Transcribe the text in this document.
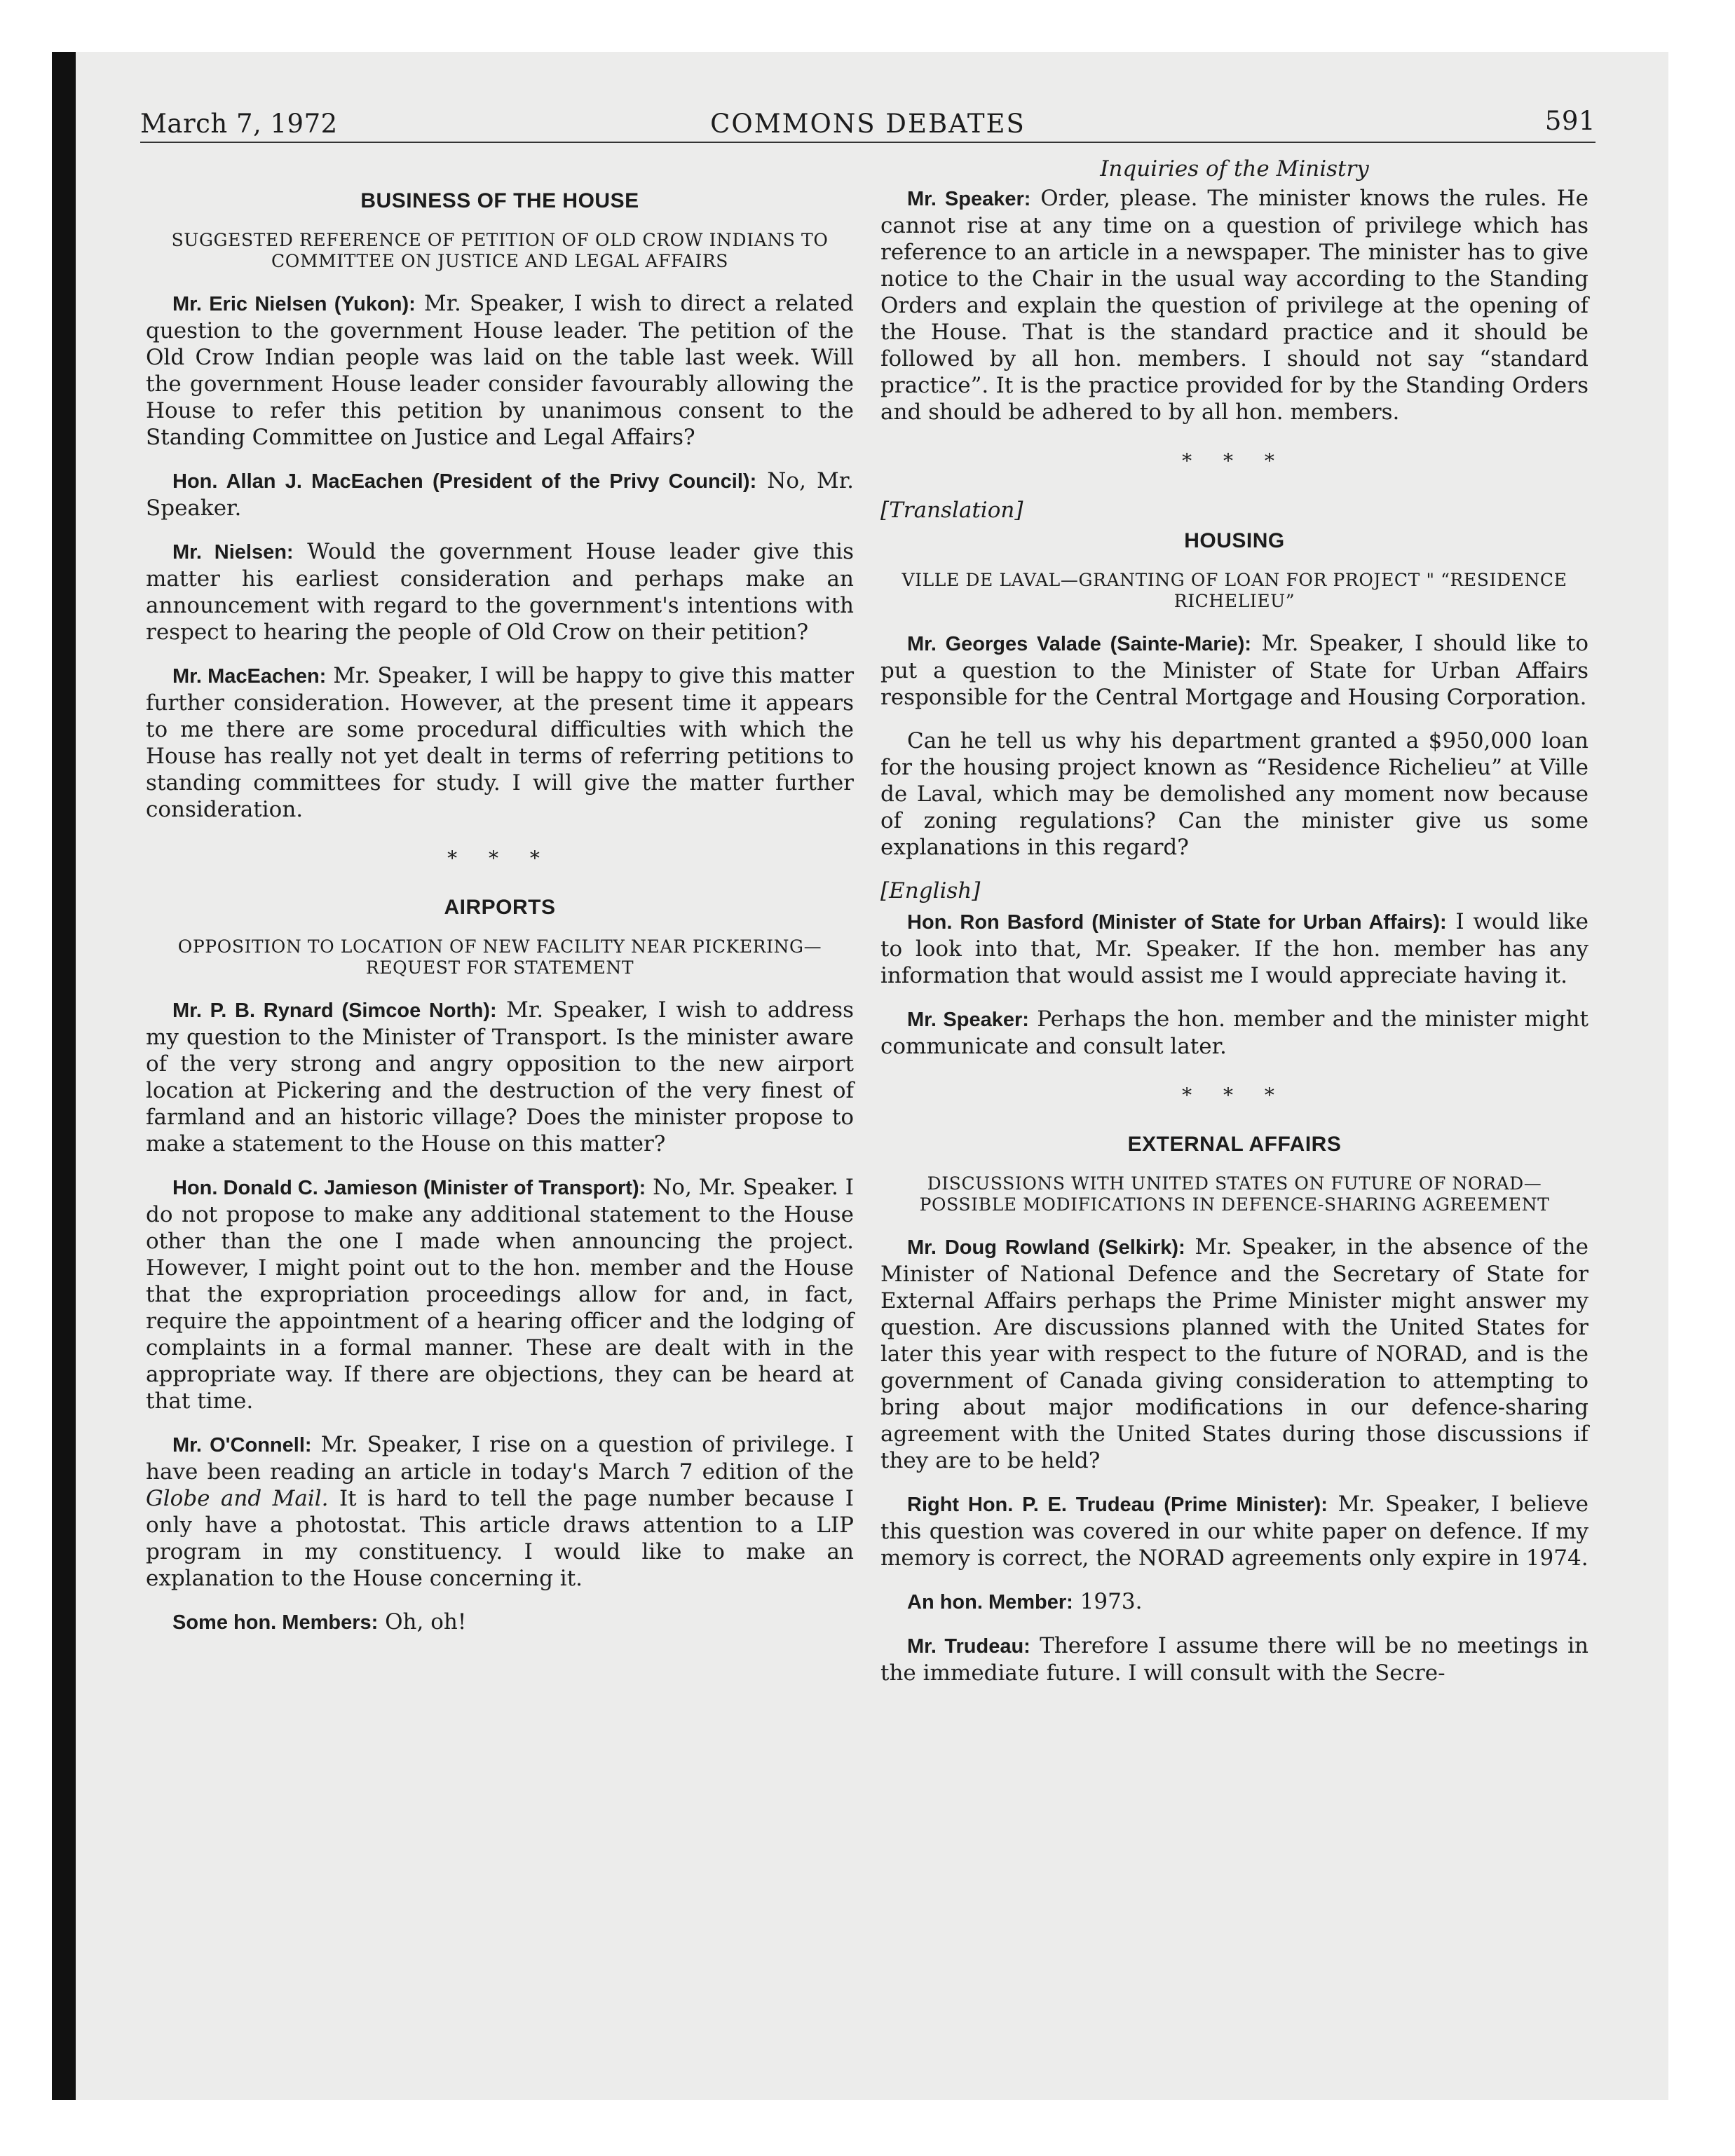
March 7, 1972	COMMONS DEBATES	591
BUSINESS OF THE HOUSE
SUGGESTED REFERENCE OF PETITION OF OLD CROW INDIANS TO COMMITTEE ON JUSTICE AND LEGAL AFFAIRS

Mr. Eric Nielsen (Yukon): Mr. Speaker, I wish to direct a related question to the government House leader. The petition of the Old Crow Indian people was laid on the table last week. Will the government House leader consider favourably allowing the House to refer this petition by unanimous consent to the Standing Committee on Justice and Legal Affairs?

Hon. Allan J. MacEachen (President of the Privy Council): No, Mr. Speaker.

Mr. Nielsen: Would the government House leader give this matter his earliest consideration and perhaps make an announcement with regard to the government's intentions with respect to hearing the people of Old Crow on their petition?

Mr. MacEachen: Mr. Speaker, I will be happy to give this matter further consideration. However, at the present time it appears to me there are some procedural difficulties with which the House has really not yet dealt in terms of referring petitions to standing committees for study. I will give the matter further consideration.

* * *
AIRPORTS
OPPOSITION TO LOCATION OF NEW FACILITY NEAR PICKERING—REQUEST FOR STATEMENT

Mr. P. B. Rynard (Simcoe North): Mr. Speaker, I wish to address my question to the Minister of Transport. Is the minister aware of the very strong and angry opposition to the new airport location at Pickering and the destruction of the very finest of farmland and an historic village? Does the minister propose to make a statement to the House on this matter?

Hon. Donald C. Jamieson (Minister of Transport): No, Mr. Speaker. I do not propose to make any additional statement to the House other than the one I made when announcing the project. However, I might point out to the hon. member and the House that the expropriation proceedings allow for and, in fact, require the appointment of a hearing officer and the lodging of complaints in a formal manner. These are dealt with in the appropriate way. If there are objections, they can be heard at that time.

Mr. O'Connell: Mr. Speaker, I rise on a question of privilege. I have been reading an article in today's March 7 edition of the Globe and Mail. It is hard to tell the page number because I only have a photostat. This article draws attention to a LIP program in my constituency. I would like to make an explanation to the House concerning it.

Some hon. Members: Oh, oh!

Inquiries of the Ministry

Mr. Speaker: Order, please. The minister knows the rules. He cannot rise at any time on a question of privilege which has reference to an article in a newspaper. The minister has to give notice to the Chair in the usual way according to the Standing Orders and explain the question of privilege at the opening of the House. That is the standard practice and it should be followed by all hon. members. I should not say “standard practice”. It is the practice provided for by the Standing Orders and should be adhered to by all hon. members.

* * *
[Translation]
HOUSING
VILLE DE LAVAL—GRANTING OF LOAN FOR PROJECT " “RESIDENCE RICHELIEU”

Mr. Georges Valade (Sainte-Marie): Mr. Speaker, I should like to put a question to the Minister of State for Urban Affairs responsible for the Central Mortgage and Housing Corporation.

Can he tell us why his department granted a $950,000 loan for the housing project known as “Residence Richelieu” at Ville de Laval, which may be demolished any moment now because of zoning regulations? Can the minister give us some explanations in this regard?

[English]

Hon. Ron Basford (Minister of State for Urban Affairs): I would like to look into that, Mr. Speaker. If the hon. member has any information that would assist me I would appreciate having it.

Mr. Speaker: Perhaps the hon. member and the minister might communicate and consult later.

* * *
EXTERNAL AFFAIRS
DISCUSSIONS WITH UNITED STATES ON FUTURE OF NORAD—POSSIBLE MODIFICATIONS IN DEFENCE-SHARING AGREEMENT

Mr. Doug Rowland (Selkirk): Mr. Speaker, in the absence of the Minister of National Defence and the Secretary of State for External Affairs perhaps the Prime Minister might answer my question. Are discussions planned with the United States for later this year with respect to the future of NORAD, and is the government of Canada giving consideration to attempting to bring about major modifications in our defence-sharing agreement with the United States during those discussions if they are to be held?

Right Hon. P. E. Trudeau (Prime Minister): Mr. Speaker, I believe this question was covered in our white paper on defence. If my memory is correct, the NORAD agreements only expire in 1974.

An hon. Member: 1973.

Mr. Trudeau: Therefore I assume there will be no meetings in the immediate future. I will consult with the Secre-
